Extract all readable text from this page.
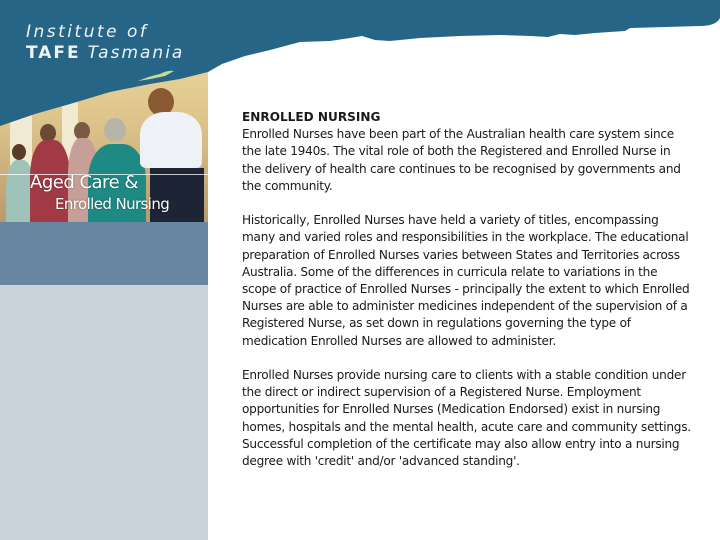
Aged Care &
Enrolled Nursing
Institute of
TAFE Tasmania
ENROLLED NURSING

Enrolled Nurses have been part of the Australian health care system since the late 1940s. The vital role of both the Registered and Enrolled Nurse in the delivery of health care continues to be recognised by governments and the community.

Historically, Enrolled Nurses have held a variety of titles, encompassing many and varied roles and responsibilities in the workplace. The educational preparation of Enrolled Nurses varies between States and Territories across Australia. Some of the differences in curricula relate to variations in the scope of practice of Enrolled Nurses - principally the extent to which Enrolled Nurses are able to administer medicines independent of the supervision of a Registered Nurse, as set down in regulations governing the type of medication Enrolled Nurses are allowed to administer.

Enrolled Nurses provide nursing care to clients with a stable condition under the direct or indirect supervision of a Registered Nurse. Employment opportunities for Enrolled Nurses (Medication Endorsed) exist in nursing homes, hospitals and the mental health, acute care and community settings. Successful completion of the certificate may also allow entry into a nursing degree with 'credit' and/or 'advanced standing'.
